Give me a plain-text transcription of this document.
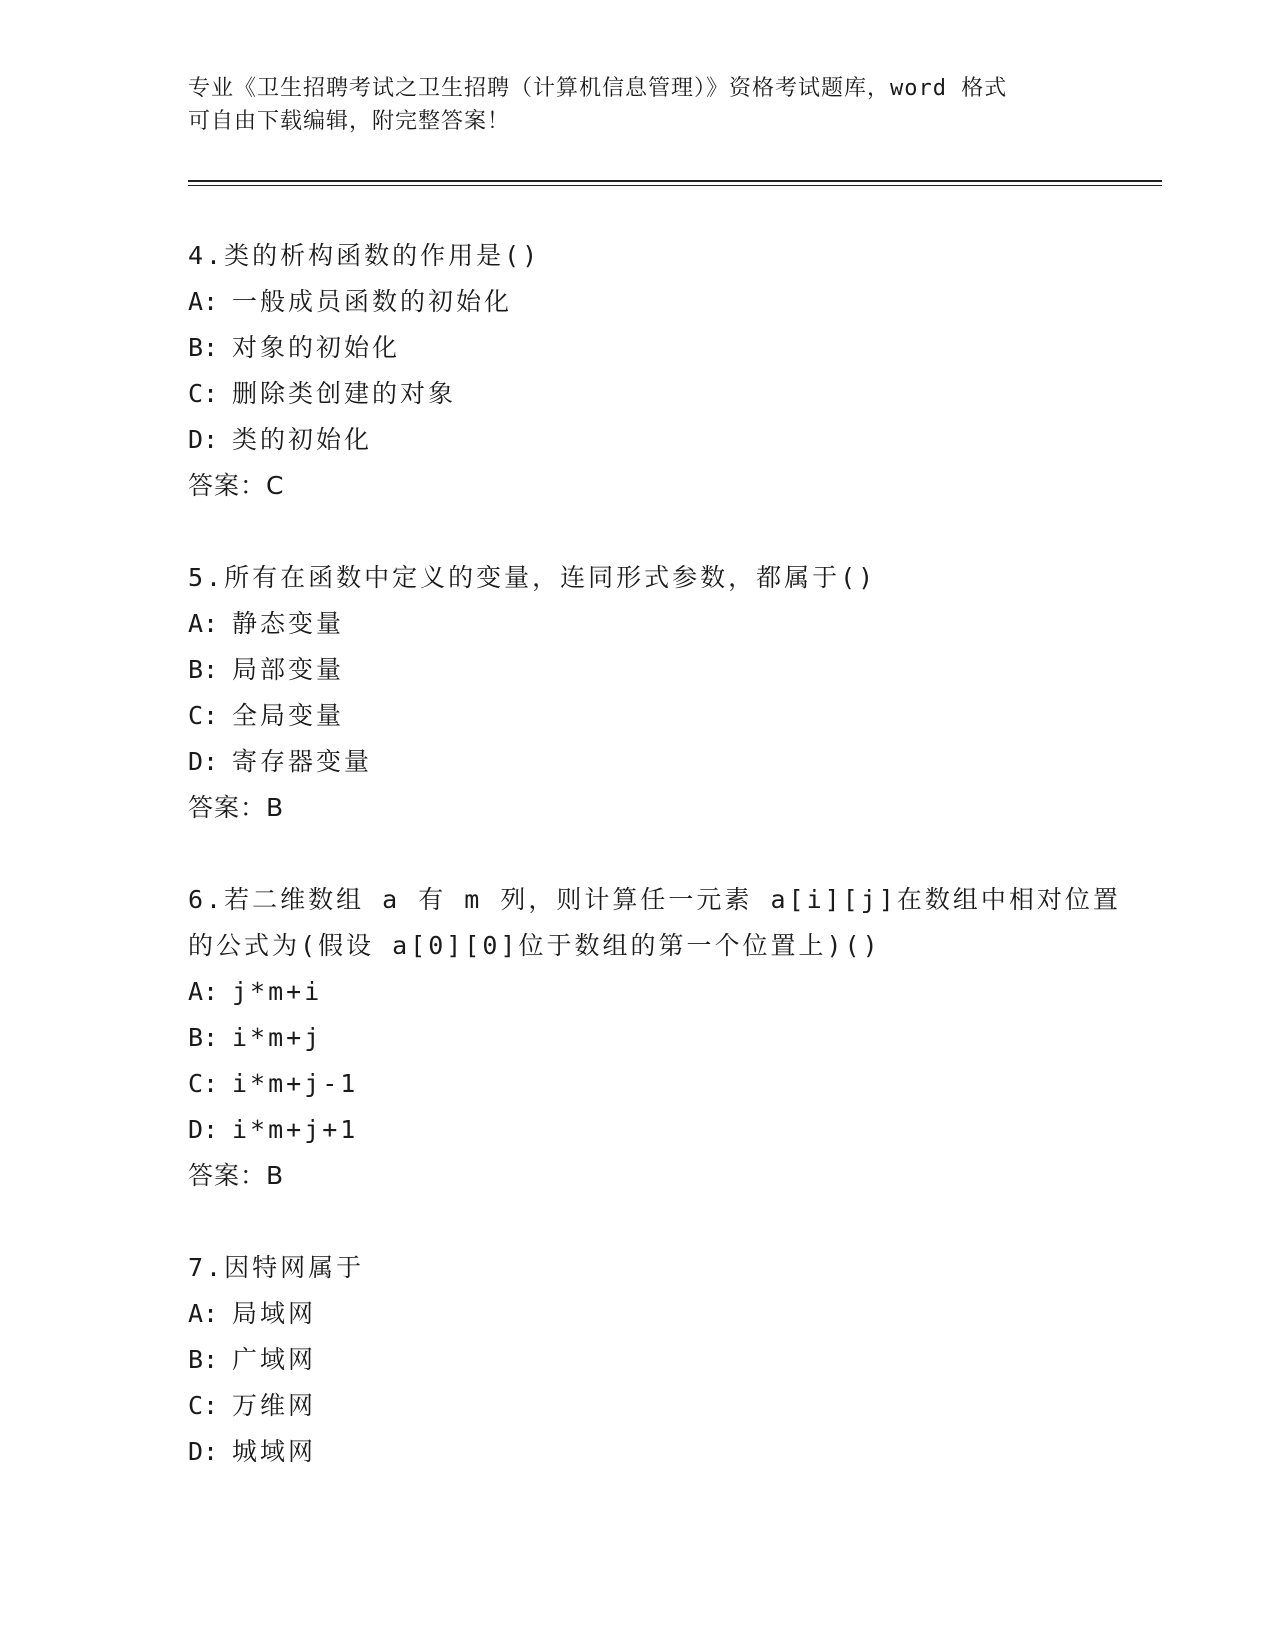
专业《卫生招聘考试之卫生招聘（计算机信息管理）》资格考试题库，word 格式
可自由下载编辑，附完整答案！
4.类的析构函数的作用是()
A: 一般成员函数的初始化
B: 对象的初始化
C: 删除类创建的对象
D: 类的初始化
答案：C
5.所有在函数中定义的变量，连同形式参数，都属于()
A: 静态变量
B: 局部变量
C: 全局变量
D: 寄存器变量
答案：B
6.若二维数组 a 有 m 列，则计算任一元素 a[i][j]在数组中相对位置的公式为(假设 a[0][0]位于数组的第一个位置上)()
A: j*m+i
B: i*m+j
C: i*m+j-1
D: i*m+j+1
答案：B
7.因特网属于
A: 局域网
B: 广域网
C: 万维网
D: 城域网
